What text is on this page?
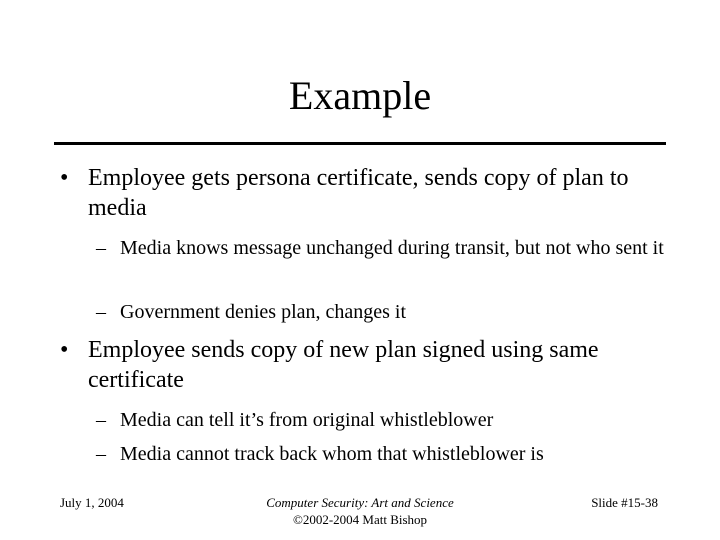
Example
• Employee gets persona certificate, sends copy of plan to media
– Media knows message unchanged during transit, but not who sent it
– Government denies plan, changes it
• Employee sends copy of new plan signed using same certificate
– Media can tell it’s from original whistleblower
– Media cannot track back whom that whistleblower is
July 1, 2004	Computer Security: Art and Science
©2002-2004 Matt Bishop
Slide #15-38
